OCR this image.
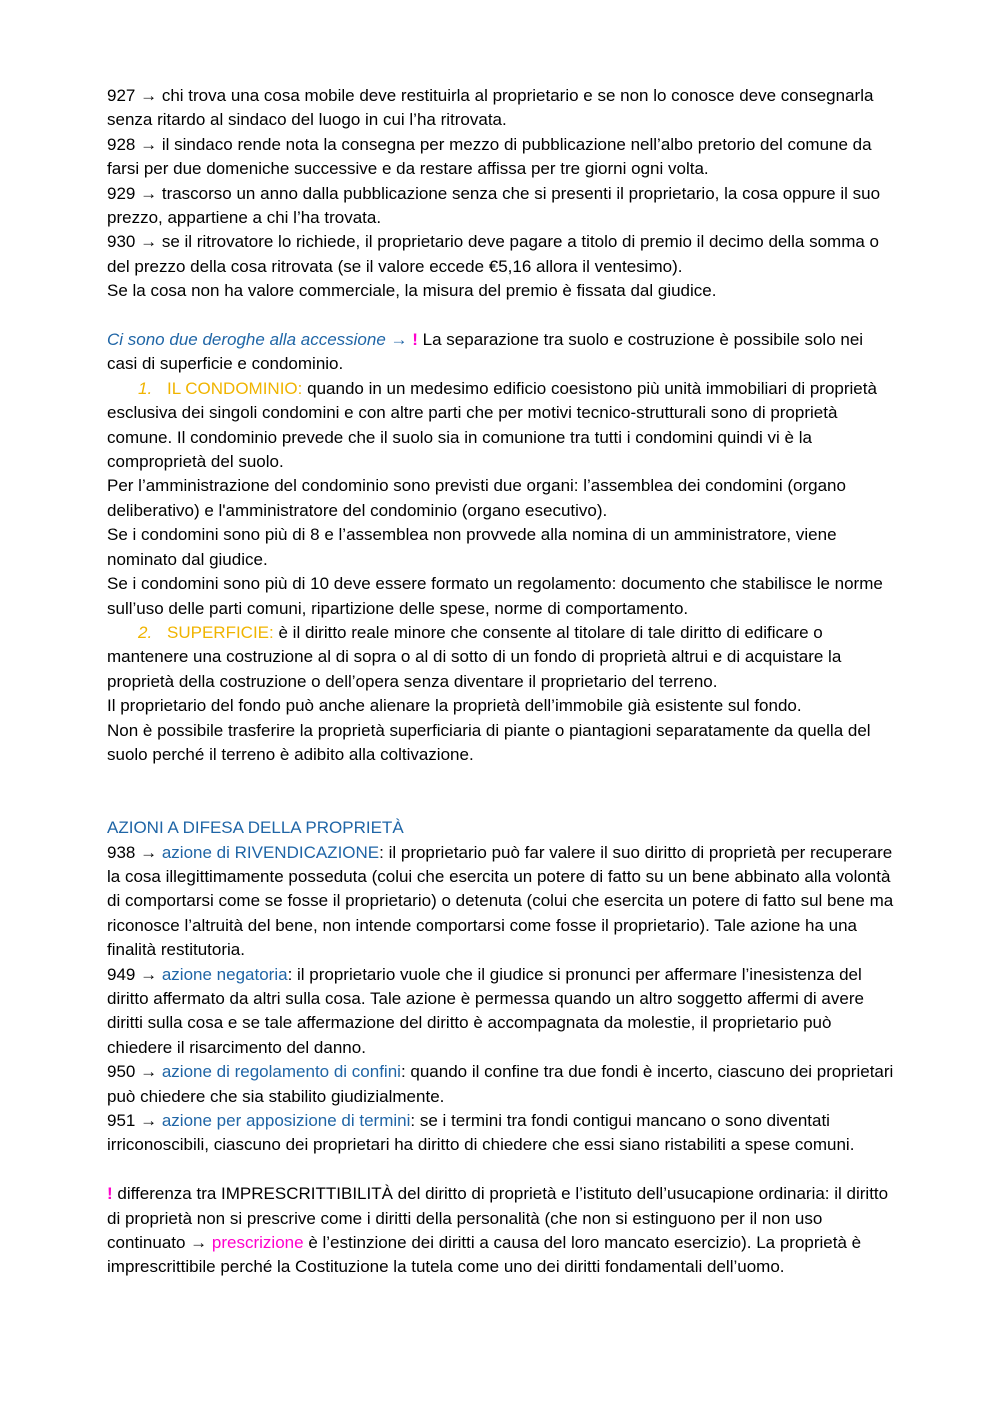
927 → chi trova una cosa mobile deve restituirla al proprietario e se non lo conosce deve consegnarla senza ritardo al sindaco del luogo in cui l’ha ritrovata.

928 → il sindaco rende nota la consegna per mezzo di pubblicazione nell’albo pretorio del comune da farsi per due domeniche successive e da restare affissa per tre giorni ogni volta.

929 → trascorso un anno dalla pubblicazione senza che si presenti il proprietario, la cosa oppure il suo prezzo, appartiene a chi l’ha trovata.

930 → se il ritrovatore lo richiede, il proprietario deve pagare a titolo di premio il decimo della somma o del prezzo della cosa ritrovata (se il valore eccede €5,16 allora il ventesimo).

Se la cosa non ha valore commerciale, la misura del premio è fissata dal giudice.

Ci sono due deroghe alla accessione → ! La separazione tra suolo e costruzione è possibile solo nei casi di superficie e condominio.

1. IL CONDOMINIO: quando in un medesimo edificio coesistono più unità immobiliari di proprietà esclusiva dei singoli condomini e con altre parti che per motivi tecnico-strutturali sono di proprietà comune. Il condominio prevede che il suolo sia in comunione tra tutti i condomini quindi vi è la comproprietà del suolo.

Per l’amministrazione del condominio sono previsti due organi: l’assemblea dei condomini (organo deliberativo) e l'amministratore del condominio (organo esecutivo).

Se i condomini sono più di 8 e l’assemblea non provvede alla nomina di un amministratore, viene nominato dal giudice.

Se i condomini sono più di 10 deve essere formato un regolamento: documento che stabilisce le norme sull’uso delle parti comuni, ripartizione delle spese, norme di comportamento.

2. SUPERFICIE: è il diritto reale minore che consente al titolare di tale diritto di edificare o mantenere una costruzione al di sopra o al di sotto di un fondo di proprietà altrui e di acquistare la proprietà della costruzione o dell’opera senza diventare il proprietario del terreno.

Il proprietario del fondo può anche alienare la proprietà dell’immobile già esistente sul fondo.

Non è possibile trasferire la proprietà superficiaria di piante o piantagioni separatamente da quella del suolo perché il terreno è adibito alla coltivazione.

AZIONI A DIFESA DELLA PROPRIETÀ

938 → azione di RIVENDICAZIONE: il proprietario può far valere il suo diritto di proprietà per recuperare la cosa illegittimamente posseduta (colui che esercita un potere di fatto su un bene abbinato alla volontà di comportarsi come se fosse il proprietario) o detenuta (colui che esercita un potere di fatto sul bene ma riconosce l’altruità del bene, non intende comportarsi come fosse il proprietario). Tale azione ha una finalità restitutoria.

949 → azione negatoria: il proprietario vuole che il giudice si pronunci per affermare l’inesistenza del diritto affermato da altri sulla cosa. Tale azione è permessa quando un altro soggetto affermi di avere diritti sulla cosa e se tale affermazione del diritto è accompagnata da molestie, il proprietario può chiedere il risarcimento del danno.

950 → azione di regolamento di confini: quando il confine tra due fondi è incerto, ciascuno dei proprietari può chiedere che sia stabilito giudizialmente.

951 → azione per apposizione di termini: se i termini tra fondi contigui mancano o sono diventati irriconoscibili, ciascuno dei proprietari ha diritto di chiedere che essi siano ristabiliti a spese comuni.

! differenza tra IMPRESCRITTIBILITÀ del diritto di proprietà e l’istituto dell’usucapione ordinaria: il diritto di proprietà non si prescrive come i diritti della personalità (che non si estinguono per il non uso continuato → prescrizione è l’estinzione dei diritti a causa del loro mancato esercizio). La proprietà è imprescrittibile perché la Costituzione la tutela come uno dei diritti fondamentali dell’uomo.
